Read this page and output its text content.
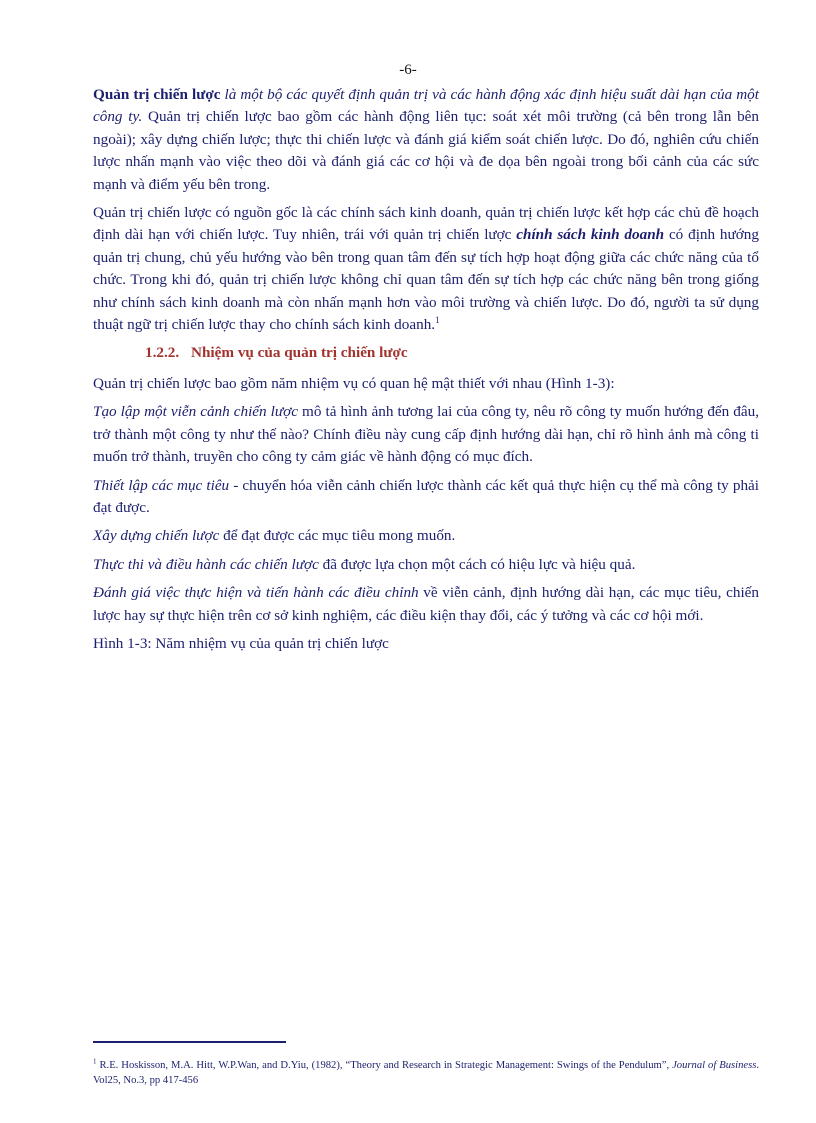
-6-

Quản trị chiến lược là một bộ các quyết định quản trị và các hành động xác định hiệu suất dài hạn của một công ty. Quản trị chiến lược bao gồm các hành động liên tục: soát xét môi trường (cả bên trong lẫn bên ngoài); xây dựng chiến lược; thực thi chiến lược và đánh giá kiểm soát chiến lược. Do đó, nghiên cứu chiến lược nhấn mạnh vào việc theo dõi và đánh giá các cơ hội và đe dọa bên ngoài trong bối cảnh của các sức mạnh và điểm yếu bên trong.

Quản trị chiến lược có nguồn gốc là các chính sách kinh doanh, quản trị chiến lược kết hợp các chủ đề hoạch định dài hạn với chiến lược. Tuy nhiên, trái với quản trị chiến lược chính sách kinh doanh có định hướng quản trị chung, chủ yếu hướng vào bên trong quan tâm đến sự tích hợp hoạt động giữa các chức năng của tổ chức. Trong khi đó, quản trị chiến lược không chỉ quan tâm đến sự tích hợp các chức năng bên trong giống như chính sách kinh doanh mà còn nhấn mạnh hơn vào môi trường và chiến lược. Do đó, người ta sử dụng thuật ngữ trị chiến lược thay cho chính sách kinh doanh.$^1$

1.2.2. Nhiệm vụ của quản trị chiến lược

Quản trị chiến lược bao gồm năm nhiệm vụ có quan hệ mật thiết với nhau (Hình 1-3):

Tạo lập một viễn cảnh chiến lược mô tả hình ảnh tương lai của công ty, nêu rõ công ty muốn hướng đến đâu, trở thành một công ty như thế nào? Chính điều này cung cấp định hướng dài hạn, chỉ rõ hình ảnh mà công ti muốn trở thành, truyền cho công ty cảm giác về hành động có mục đích.

Thiết lập các mục tiêu - chuyển hóa viễn cảnh chiến lược thành các kết quả thực hiện cụ thể mà công ty phải đạt được.

Xây dựng chiến lược để đạt được các mục tiêu mong muốn.

Thực thi và điều hành các chiến lược đã được lựa chọn một cách có hiệu lực và hiệu quả.

Đánh giá việc thực hiện và tiến hành các điều chỉnh về viễn cảnh, định hướng dài hạn, các mục tiêu, chiến lược hay sự thực hiện trên cơ sở kinh nghiệm, các điều kiện thay đổi, các ý tưởng và các cơ hội mới.

Hình 1-3: Năm nhiệm vụ của quản trị chiến lược

$^1$ R.E. Hoskisson, M.A. Hitt, W.P.Wan, and D.Yiu, (1982), “Theory and Research in Strategic Management: Swings of the Pendulum”, Journal of Business. Vol25, No.3, pp 417-456
